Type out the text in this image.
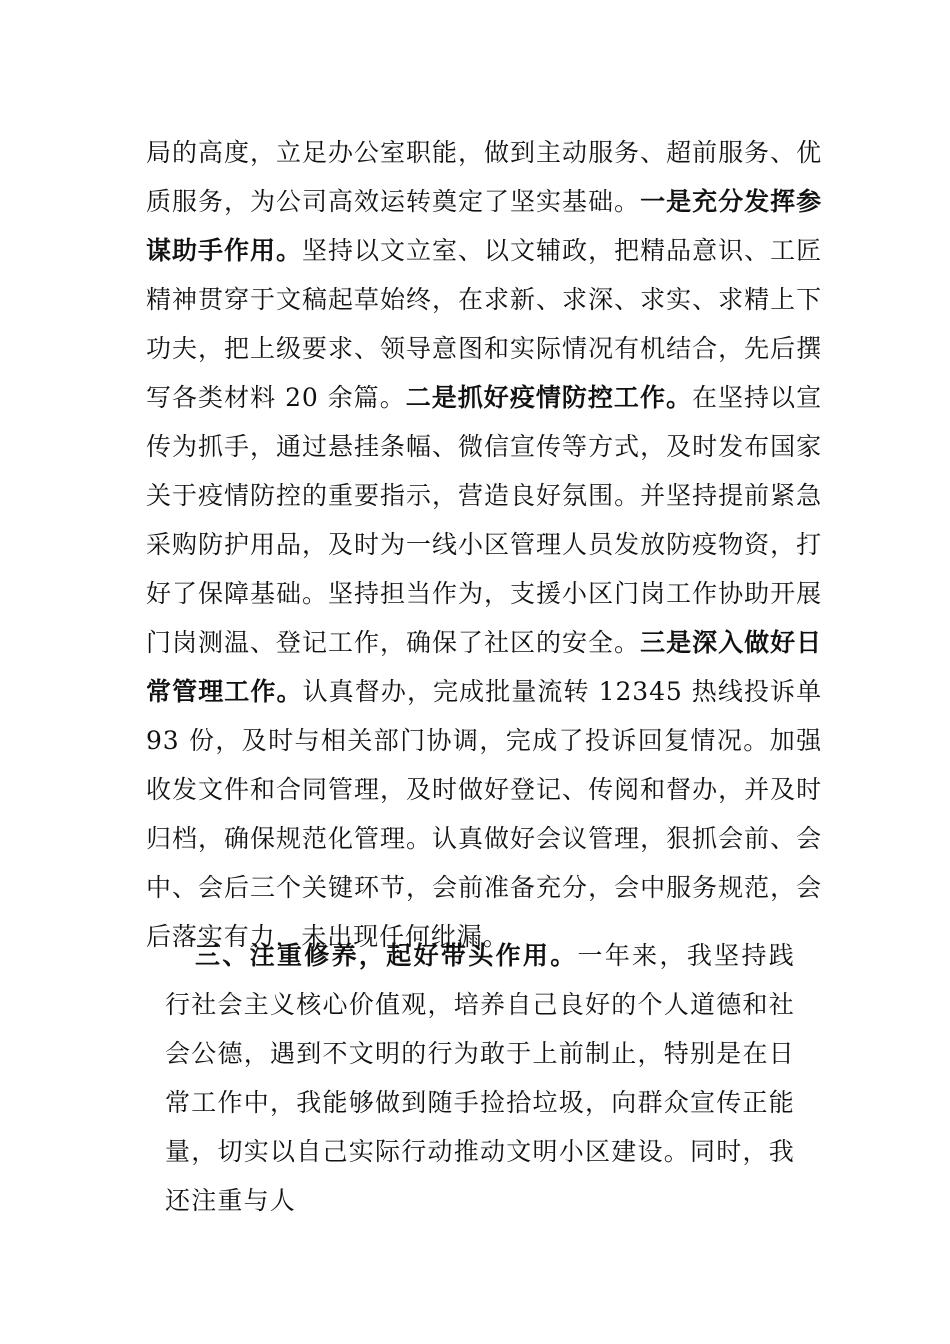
局的高度，立足办公室职能，做到主动服务、超前服务、优质服务，为公司高效运转奠定了坚实基础。一是充分发挥参谋助手作用。坚持以文立室、以文辅政，把精品意识、工匠精神贯穿于文稿起草始终，在求新、求深、求实、求精上下功夫，把上级要求、领导意图和实际情况有机结合，先后撰写各类材料 20 余篇。二是抓好疫情防控工作。在坚持以宣传为抓手，通过悬挂条幅、微信宣传等方式，及时发布国家关于疫情防控的重要指示，营造良好氛围。并坚持提前紧急采购防护用品，及时为一线小区管理人员发放防疫物资，打好了保障基础。坚持担当作为，支援小区门岗工作协助开展门岗测温、登记工作，确保了社区的安全。三是深入做好日常管理工作。认真督办，完成批量流转 12345 热线投诉单 93 份，及时与相关部门协调，完成了投诉回复情况。加强收发文件和合同管理，及时做好登记、传阅和督办，并及时归档，确保规范化管理。认真做好会议管理，狠抓会前、会中、会后三个关键环节，会前准备充分，会中服务规范，会后落实有力，未出现任何纰漏。

三、注重修养，起好带头作用。一年来，我坚持践行社会主义核心价值观，培养自己良好的个人道德和社会公德，遇到不文明的行为敢于上前制止，特别是在日常工作中，我能够做到随手捡拾垃圾，向群众宣传正能量，切实以自己实际行动推动文明小区建设。同时，我还注重与人
